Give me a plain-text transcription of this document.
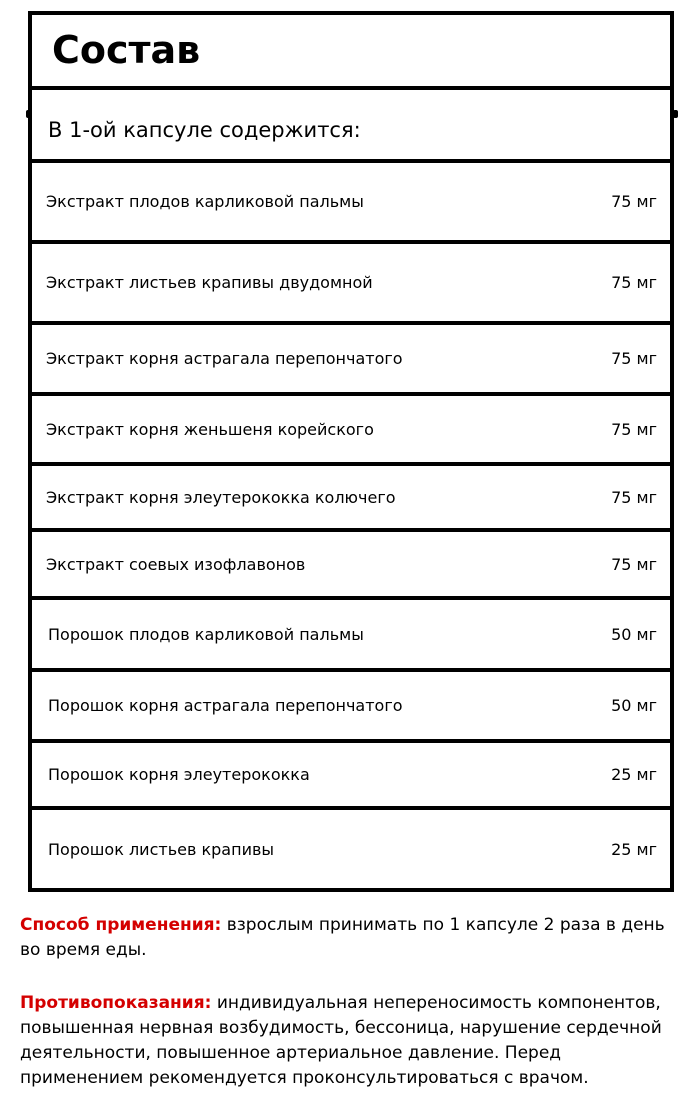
Состав

В 1-ой капсуле содержится:

Экстракт плодов карликовой пальмы	75 мг
Экстракт листьев крапивы двудомной	75 мг
Экстракт корня астрагала перепончатого	75 мг
Экстракт корня женьшеня корейского	75 мг
Экстракт корня элеутерококка колючего	75 мг
Экстракт соевых изофлавонов	75 мг
Порошок плодов карликовой пальмы	50 мг
Порошок корня астрагала перепончатого	50 мг
Порошок корня элеутерококка	25 мг
Порошок листьев крапивы	25 мг

Способ применения: взрослым принимать по 1 капсуле 2 раза в день во время еды.

Противопоказания: индивидуальная непереносимость компонентов, повышенная нервная возбудимость, бессоница, нарушение сердечной деятельности, повышенное артериальное давление. Перед применением рекомендуется проконсультироваться с врачом.
